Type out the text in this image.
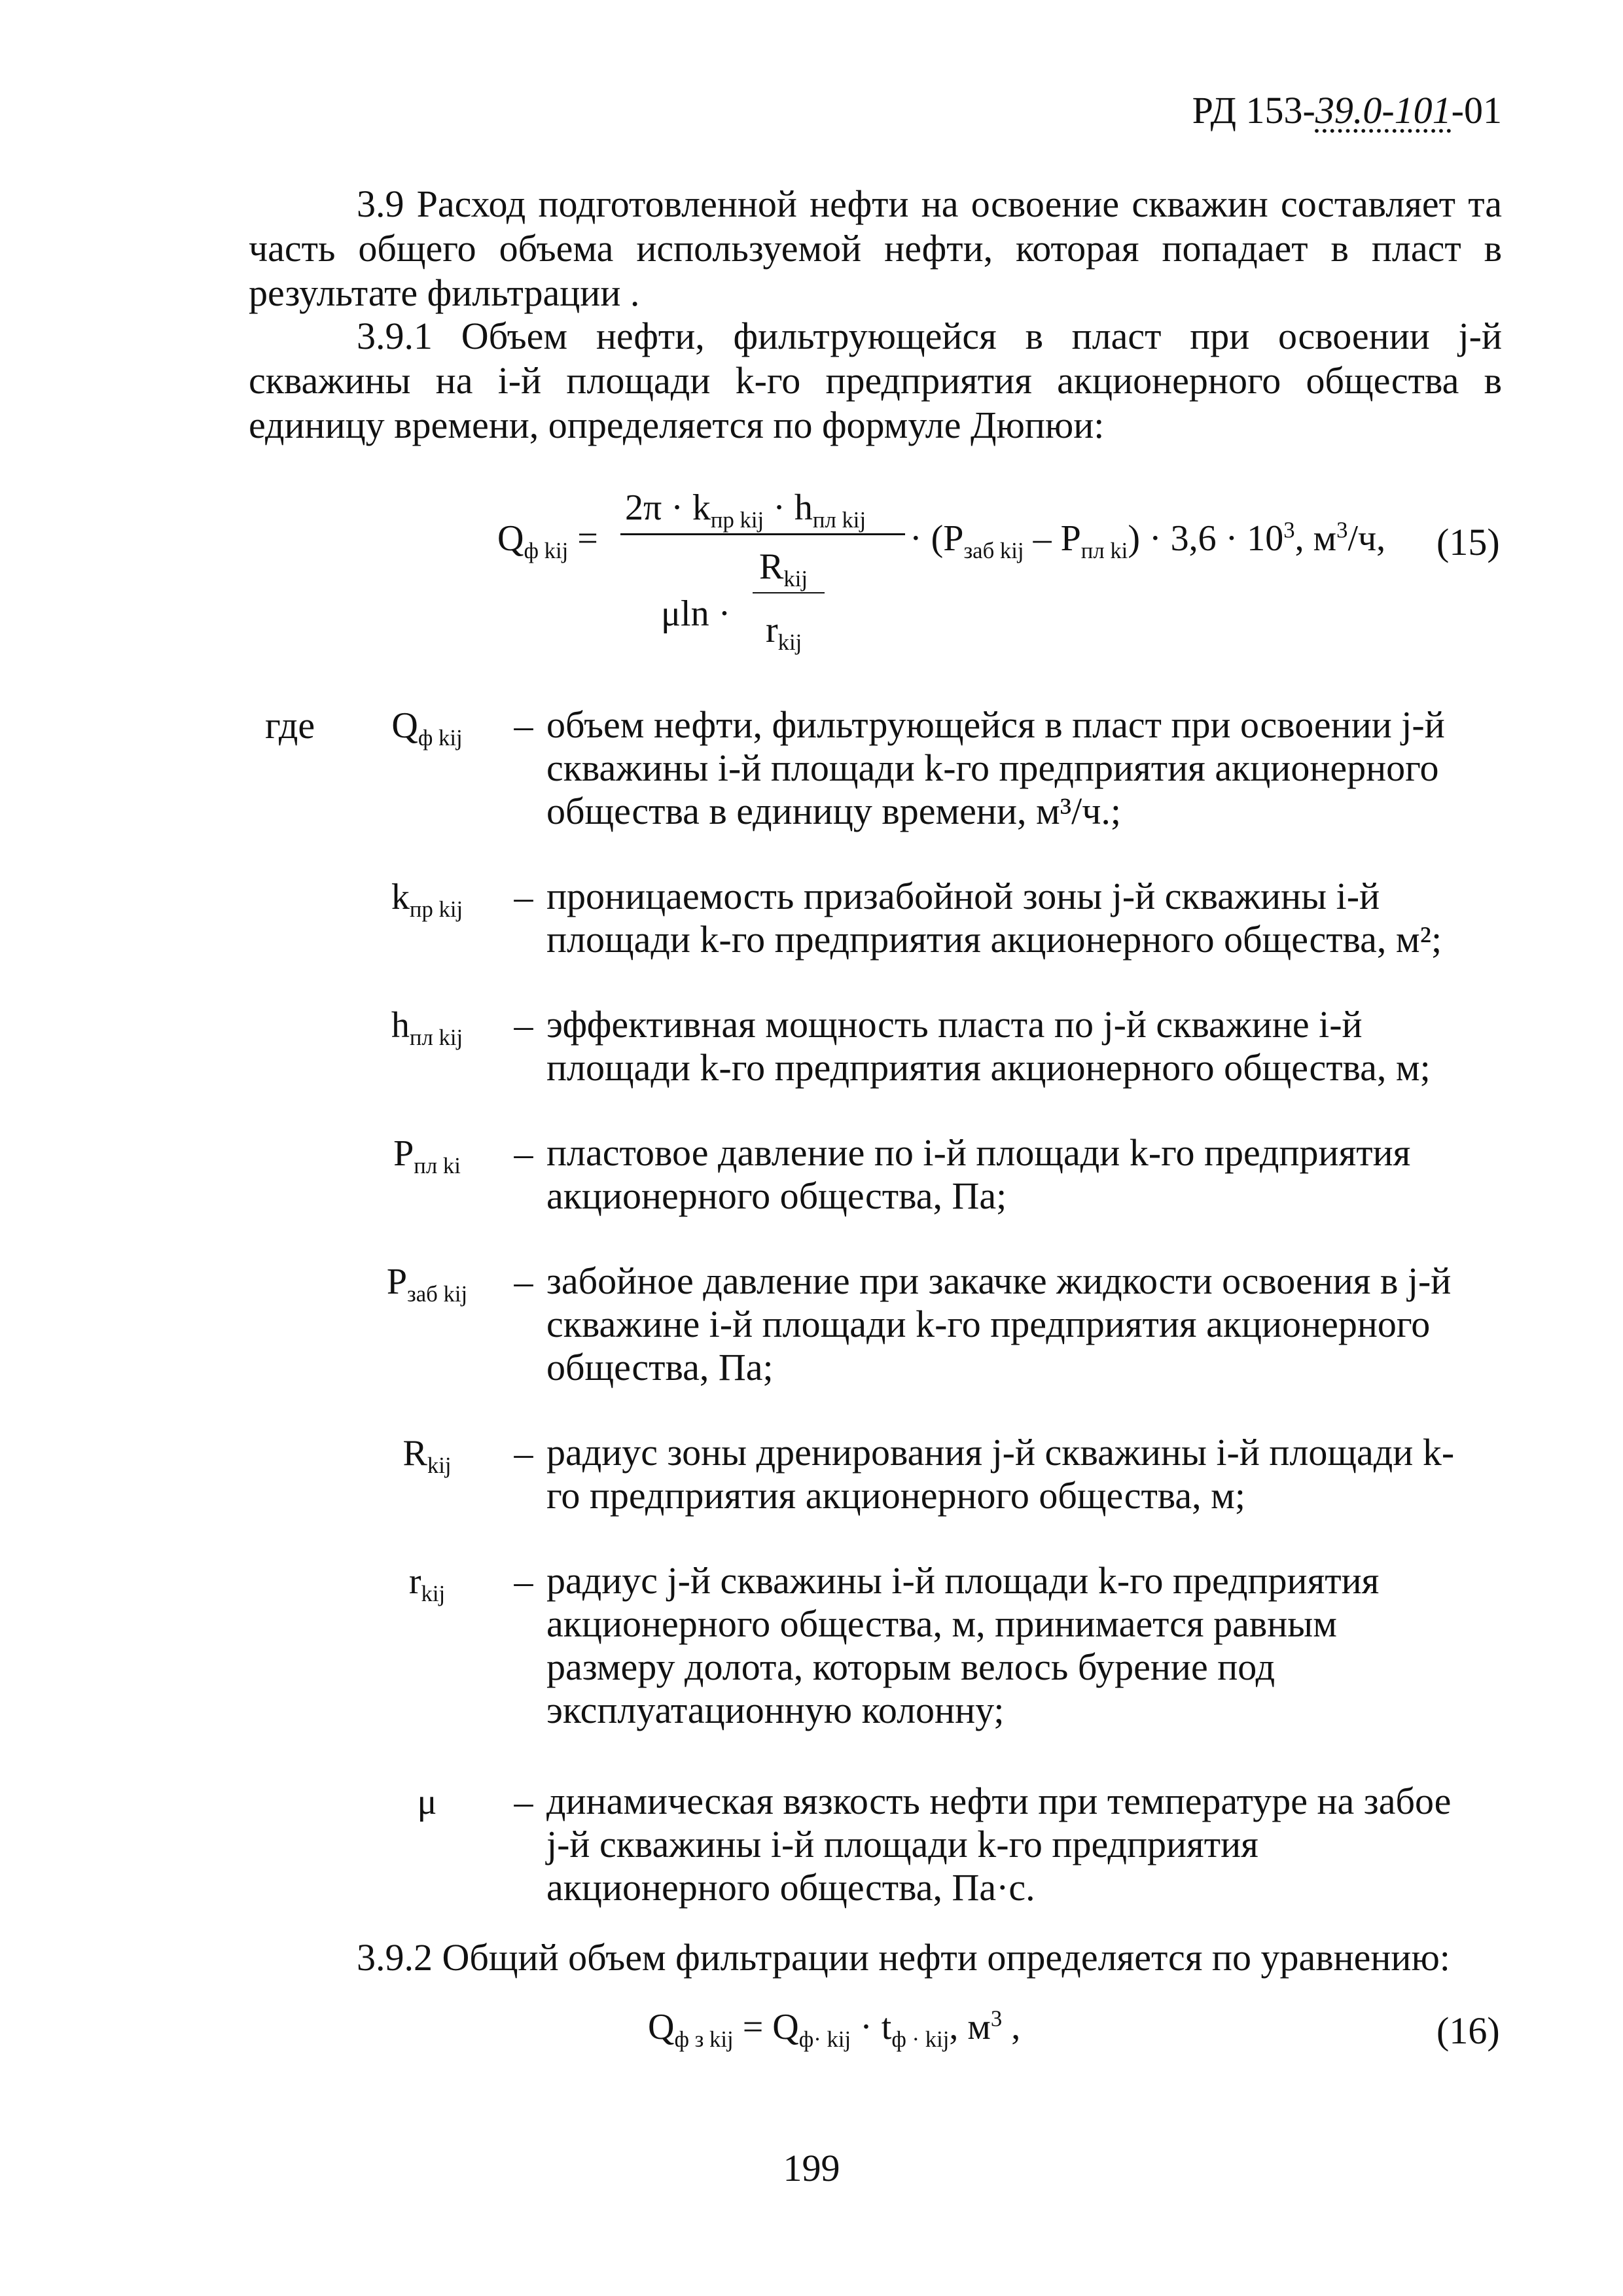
РД 153-39.0-101-01
3.9 Расход подготовленной нефти на освоение скважин составляет та часть общего объема используемой нефти, которая попадает в пласт в результате фильтрации .
3.9.1 Объем нефти, фильтрующейся в пласт при освоении j-й скважины на i-й площади k-го предприятия акционерного общества в единицу времени, определяется по формуле Дюпюи:
$Q_{ф kij}$ =
$2\pi \cdot k_{пр kij} \cdot h_{пл kij}$
μln ·
$R_{kij}$
$r_{kij}$
· $(P_{заб kij} - P_{пл ki}) \cdot 3,6 \cdot 10^3$, $м^3/ч$, (15)
где	$Q_{ф kij}$	– объем нефти, фильтрующейся в пласт при освоении j-й скважины i-й площади k-го предприятия акционерного общества в единицу времени, м³/ч.;
$k_{пр kij}$	– проницаемость призабойной зоны j-й скважины i-й площади k-го предприятия акционерного общества, м²;
$h_{пл kij}$	– эффективная мощность пласта по j-й скважине i-й площади k-го предприятия акционерного общества, м;
$P_{пл ki}$	– пластовое давление по i-й площади k-го предприятия акционерного общества, Па;
$P_{заб kij}$	– забойное давление при закачке жидкости освоения в j-й скважине i-й площади k-го предприятия акционерного общества, Па;
$R_{kij}$	– радиус зоны дренирования j-й скважины i-й площади k-го предприятия акционерного общества, м;
$r_{kij}$	– радиус j-й скважины i-й площади k-го предприятия акционерного общества, м, принимается равным размеру долота, которым велось бурение под эксплуатационную колонну;
μ	– динамическая вязкость нефти при температуре на забое j-й скважины i-й площади k-го предприятия акционерного общества, Па·с.
3.9.2 Общий объем фильтрации нефти определяется по уравнению:
$Q_{ф з kij} = Q_{ф\cdot kij} \cdot t_{ф \cdot kij}$, $м^3$ ,	(16)
199
